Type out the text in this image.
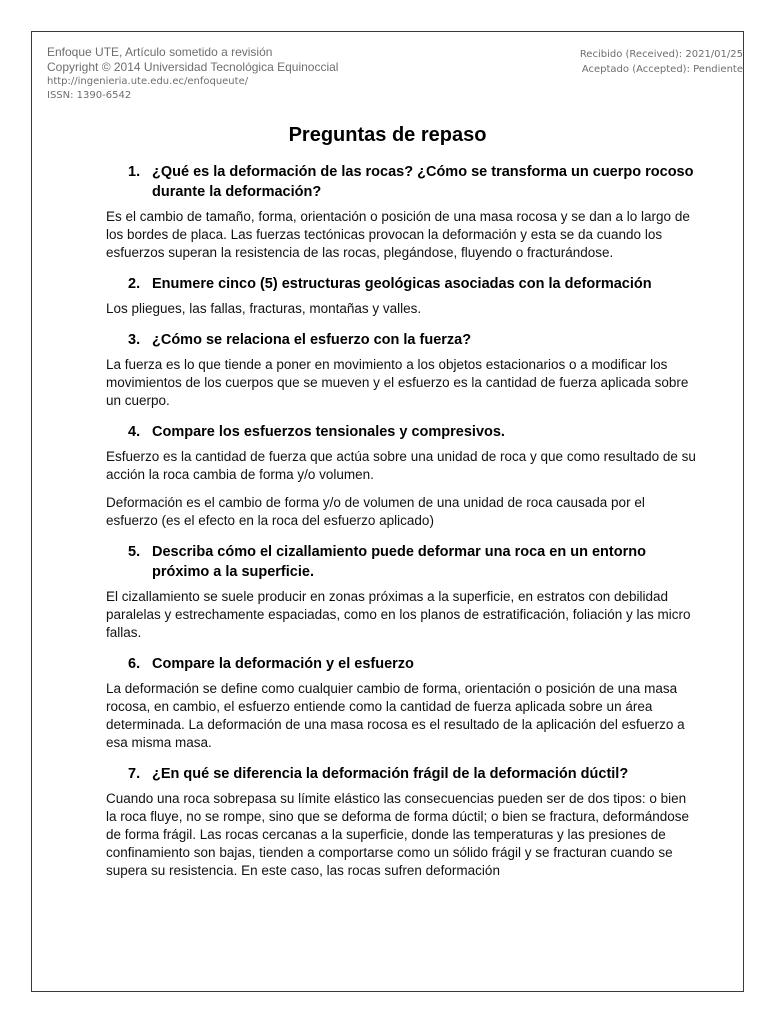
Enfoque UTE, Artículo sometido a revisión
Copyright © 2014 Universidad Tecnológica Equinoccial
http://ingenieria.ute.edu.ec/enfoqueute/
ISSN: 1390-6542
Recibido (Received): 2021/01/25
Aceptado (Accepted): Pendiente
Preguntas de repaso
1. ¿Qué es la deformación de las rocas? ¿Cómo se transforma un cuerpo rocoso durante la deformación?

Es el cambio de tamaño, forma, orientación o posición de una masa rocosa y se dan a lo largo de los bordes de placa. Las fuerzas tectónicas provocan la deformación y esta se da cuando los esfuerzos superan la resistencia de las rocas, plegándose, fluyendo o fracturándose.

2. Enumere cinco (5) estructuras geológicas asociadas con la deformación

Los pliegues, las fallas, fracturas, montañas y valles.

3. ¿Cómo se relaciona el esfuerzo con la fuerza?

La fuerza es lo que tiende a poner en movimiento a los objetos estacionarios o a modificar los movimientos de los cuerpos que se mueven y el esfuerzo es la cantidad de fuerza aplicada sobre un cuerpo.

4. Compare los esfuerzos tensionales y compresivos.

Esfuerzo es la cantidad de fuerza que actúa sobre una unidad de roca y que como resultado de su acción la roca cambia de forma y/o volumen.

Deformación es el cambio de forma y/o de volumen de una unidad de roca causada por el esfuerzo (es el efecto en la roca del esfuerzo aplicado)

5. Describa cómo el cizallamiento puede deformar una roca en un entorno próximo a la superficie.

El cizallamiento se suele producir en zonas próximas a la superficie, en estratos con debilidad paralelas y estrechamente espaciadas, como en los planos de estratificación, foliación y las micro fallas.

6. Compare la deformación y el esfuerzo

La deformación se define como cualquier cambio de forma, orientación o posición de una masa rocosa, en cambio, el esfuerzo entiende como la cantidad de fuerza aplicada sobre un área determinada. La deformación de una masa rocosa es el resultado de la aplicación del esfuerzo a esa misma masa.

7. ¿En qué se diferencia la deformación frágil de la deformación dúctil?

Cuando una roca sobrepasa su límite elástico las consecuencias pueden ser de dos tipos: o bien la roca fluye, no se rompe, sino que se deforma de forma dúctil; o bien se fractura, deformándose de forma frágil. Las rocas cercanas a la superficie, donde las temperaturas y las presiones de confinamiento son bajas, tienden a comportarse como un sólido frágil y se fracturan cuando se supera su resistencia. En este caso, las rocas sufren deformación
